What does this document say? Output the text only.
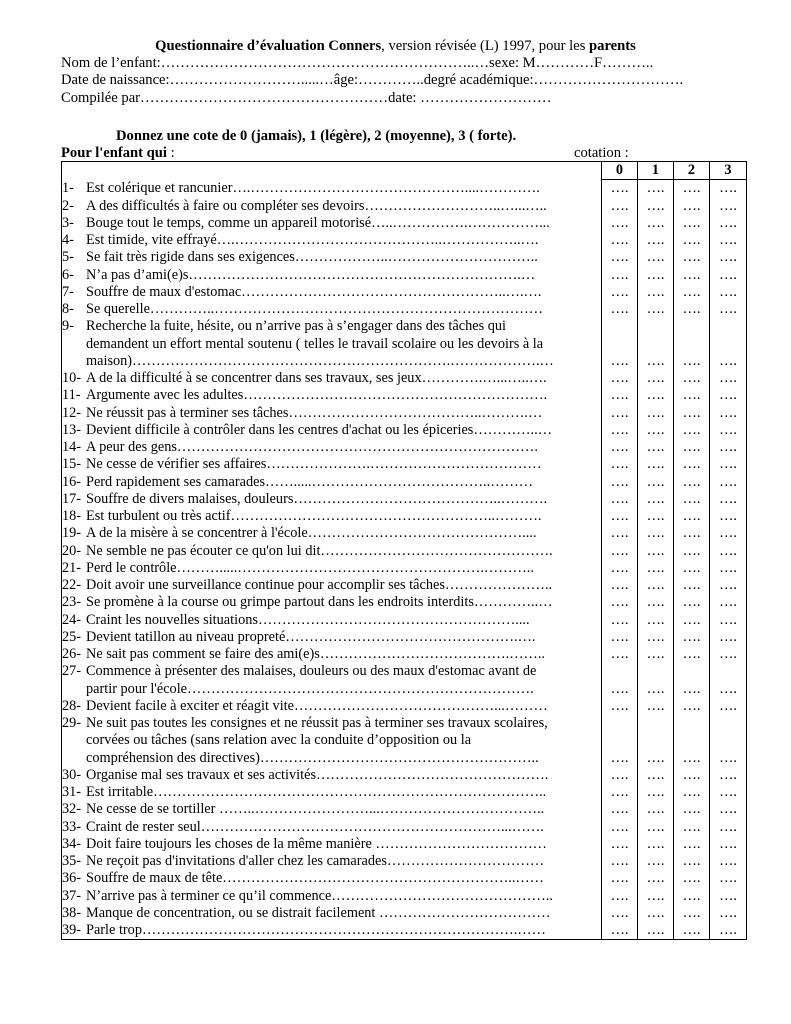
Questionnaire d’évaluation Conners, version révisée (L) 1997, pour les parents
Nom de l’enfant:………………………………………………………..…sexe: M…………F………..
Date de naissance:……………………….....…âge:…………..degré académique:………………………….
Compilée par……………………………………………date: ………………………
Donnez une cote de 0 (jamais), 1 (légère), 2 (moyenne), 3 ( forte).
Pour l'enfant qui :	cotation :
	0	1	2	3

1- Est colérique et rancunier….………………………………………....………….	….	….	….	….

2- A des difficultés à faire ou compléter ses devoirs………………………..…...…..	….	….	….	….

3- Bouge tout le temps, comme un appareil motorisé…..…………….……………...	….	….	….	….

4- Est timide, vite effrayé….……………………………………..……………..….	….	….	….	….

5- Se fait très rigide dans ses exigences………………..…………………………..	….	….	….	….

6- N’a pas d’ami(e)s…………………………………………………………….…	….	….	….	….

7- Souffre de maux d'estomac………………………………………………..….….	….	….	….	….

8- Se querelle…………..……………………………………………………………	….	….	….	….

9- Recherche la fuite, hésite, ou n’arrive pas à s’engager dans des tâches qui
demandent un effort mental soutenu ( telles le travail scolaire ou les devoirs à la
maison)………………………………………………………….……………….…	….	….	….	….

10- A de la difficulté à se concentrer dans ses travaux, ses jeux………….…...…..….	….	….	….	….

11- Argumente avec les adultes……………………………………………………….	….	….	….	….

12- Ne réussit pas à terminer ses tâches…………………………………..……….…	….	….	….	….

13- Devient difficile à contrôler dans les centres d'achat ou les épiceries…………..…	….	….	….	….

14- A peur des gens………………………………………………………………….	….	….	….	….

15- Ne cesse de vérifier ses affaires………………….………………………………	….	….	….	….

16- Perd rapidement ses camarades…….....………………………………..………	….	….	….	….

17- Souffre de divers malaises, douleurs……………………………………..……….	….	….	….	….

18- Est turbulent ou très actif………………………………………………..……….	….	….	….	….

19- A de la misère à se concentrer à l'école………………………………………....	….	….	….	….

20- Ne semble ne pas écouter ce qu'on lui dit………………………………………….	….	….	….	….

21- Perd le contrôle……….....…………………………………………….………..	….	….	….	….

22- Doit avoir une surveillance continue pour accomplir ses tâches…………………..	….	….	….	….

23- Se promène à la course ou grimpe partout dans les endroits interdits…………..…	….	….	….	….

24- Craint les nouvelles situations………………………………………………....	….	….	….	….

25- Devient tatillon au niveau propreté………………………………………….….	….	….	….	….

26- Ne sait pas comment se faire des ami(e)s………………………………….……..	….	….	….	….

27- Commence à présenter des malaises, douleurs ou des maux d'estomac avant de
partir pour l'école……………………………………………………………….	….	….	….	….

28- Devient facile à exciter et réagit vite……………………………………...………	….	….	….	….

29- Ne suit pas toutes les consignes et ne réussit pas à terminer ses travaux scolaires,
corvées ou tâches (sans relation avec la conduite d’opposition ou la
compréhension des directives)…………………………………………………..	….	….	….	….

30- Organise mal ses travaux et ses activités………………………………………….	….	….	….	….

31- Est irritable………………………………………………………………………..	….	….	….	….

32- Ne cesse de se tortiller ……..……………………...……………………………..	….	….	….	….

33- Craint de rester seul………………………………………………………...…….	….	….	….	….

34- Doit faire toujours les choses de la même manière ………………………………	….	….	….	….

35- Ne reçoit pas d'invitations d'aller chez les camarades……………………………	….	….	….	….

36- Souffre de maux de tête……………………………………………………..……	….	….	….	….

37- N’arrive pas à terminer ce qu’il commence………………………………………..	….	….	….	….

38- Manque de concentration, ou se distrait facilement ………………………………	….	….	….	….

39- Parle trop…………………………………………………………………….……	….	….	….	….
